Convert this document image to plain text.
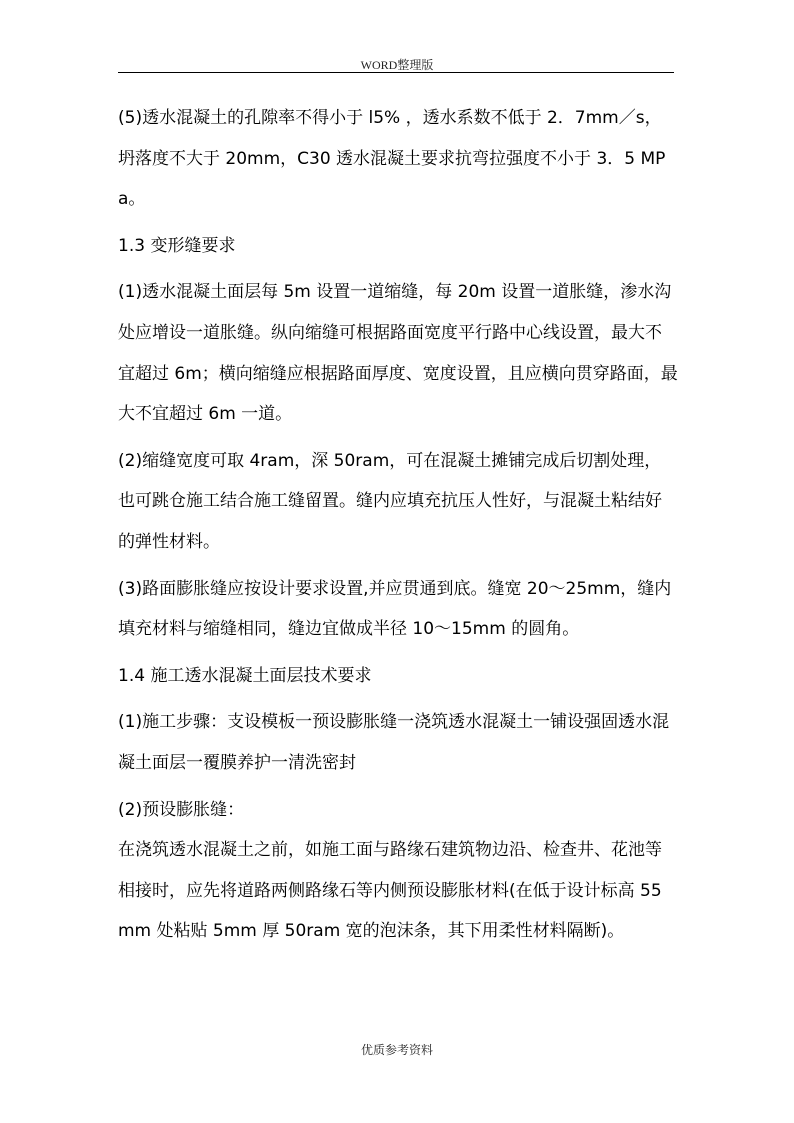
WORD整理版

(5)透水混凝土的孔隙率不得小于 l5% ，透水系数不低于 2．7mm／s，坍落度不大于 20mm，C30 透水混凝土要求抗弯拉强度不小于 3．5 MPa。

1.3 变形缝要求

(1)透水混凝土面层每 5m 设置一道缩缝，每 20m 设置一道胀缝，渗水沟处应增设一道胀缝。纵向缩缝可根据路面宽度平行路中心线设置，最大不宜超过 6m；横向缩缝应根据路面厚度、宽度设置，且应横向贯穿路面，最大不宜超过 6m 一道。

(2)缩缝宽度可取 4ram，深 50ram，可在混凝土摊铺完成后切割处理，也可跳仓施工结合施工缝留置。缝内应填充抗压人性好，与混凝土粘结好的弹性材料。

(3)路面膨胀缝应按设计要求设置,并应贯通到底。缝宽 20～25mm，缝内填充材料与缩缝相同，缝边宜做成半径 10～15mm 的圆角。

1.4 施工透水混凝土面层技术要求

(1)施工步骤：支设模板一预设膨胀缝一浇筑透水混凝土一铺设强固透水混凝土面层一覆膜养护一清洗密封

(2)预设膨胀缝：

在浇筑透水混凝土之前，如施工面与路缘石建筑物边沿、检查井、花池等相接时，应先将道路两侧路缘石等内侧预设膨胀材料(在低于设计标高 55mm 处粘贴 5mm 厚 50ram 宽的泡沫条，其下用柔性材料隔断)。

优质参考资料
